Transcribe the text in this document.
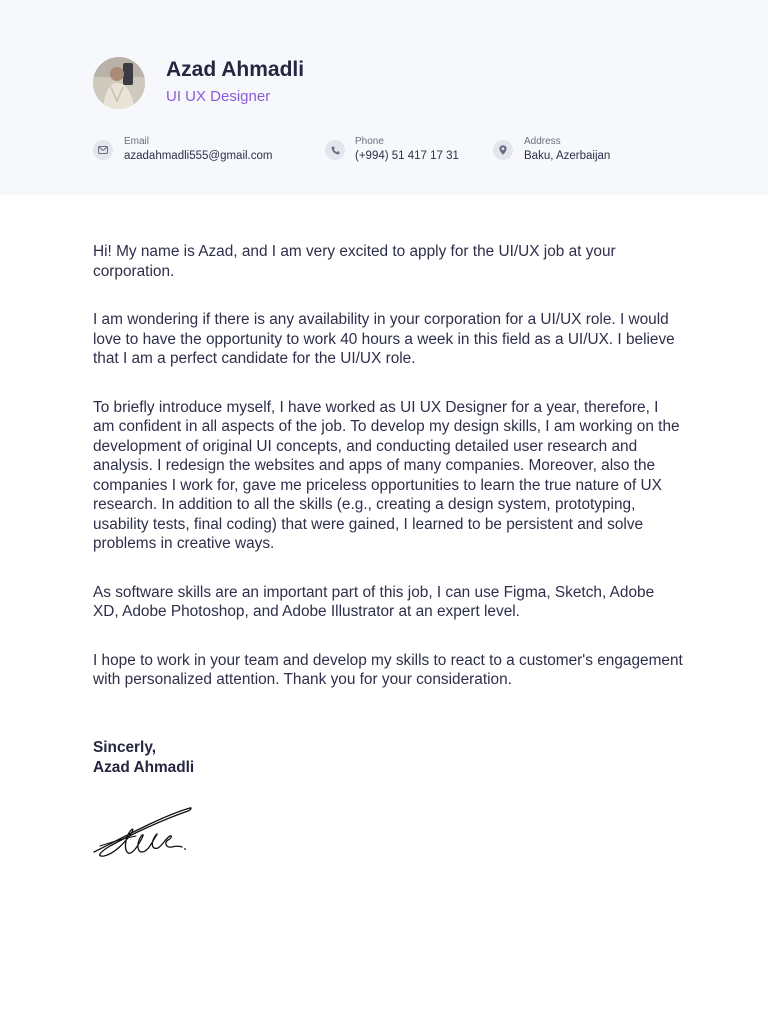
Azad Ahmadli
UI UX Designer
Email
azadahmadli555@gmail.com
Phone
(+994) 51 417 17 31
Address
Baku, Azerbaijan

Hi! My name is Azad, and I am very excited to apply for the UI/UX job at your corporation.

I am wondering if there is any availability in your corporation for a UI/UX role. I would love to have the opportunity to work 40 hours a week in this field as a UI/UX. I believe that I am a perfect candidate for the UI/UX role.

To briefly introduce myself, I have worked as UI UX Designer for a year, therefore, I am confident in all aspects of the job. To develop my design skills, I am working on the development of original UI concepts, and conducting detailed user research and analysis. I redesign the websites and apps of many companies. Moreover, also the companies I work for, gave me priceless opportunities to learn the true nature of UX research. In addition to all the skills (e.g., creating a design system, prototyping, usability tests, final coding) that were gained, I learned to be persistent and solve problems in creative ways.

As software skills are an important part of this job, I can use Figma, Sketch, Adobe XD, Adobe Photoshop, and Adobe Illustrator at an expert level.

I hope to work in your team and develop my skills to react to a customer's engagement with personalized attention. Thank you for your consideration.

Sincerly,
Azad Ahmadli
